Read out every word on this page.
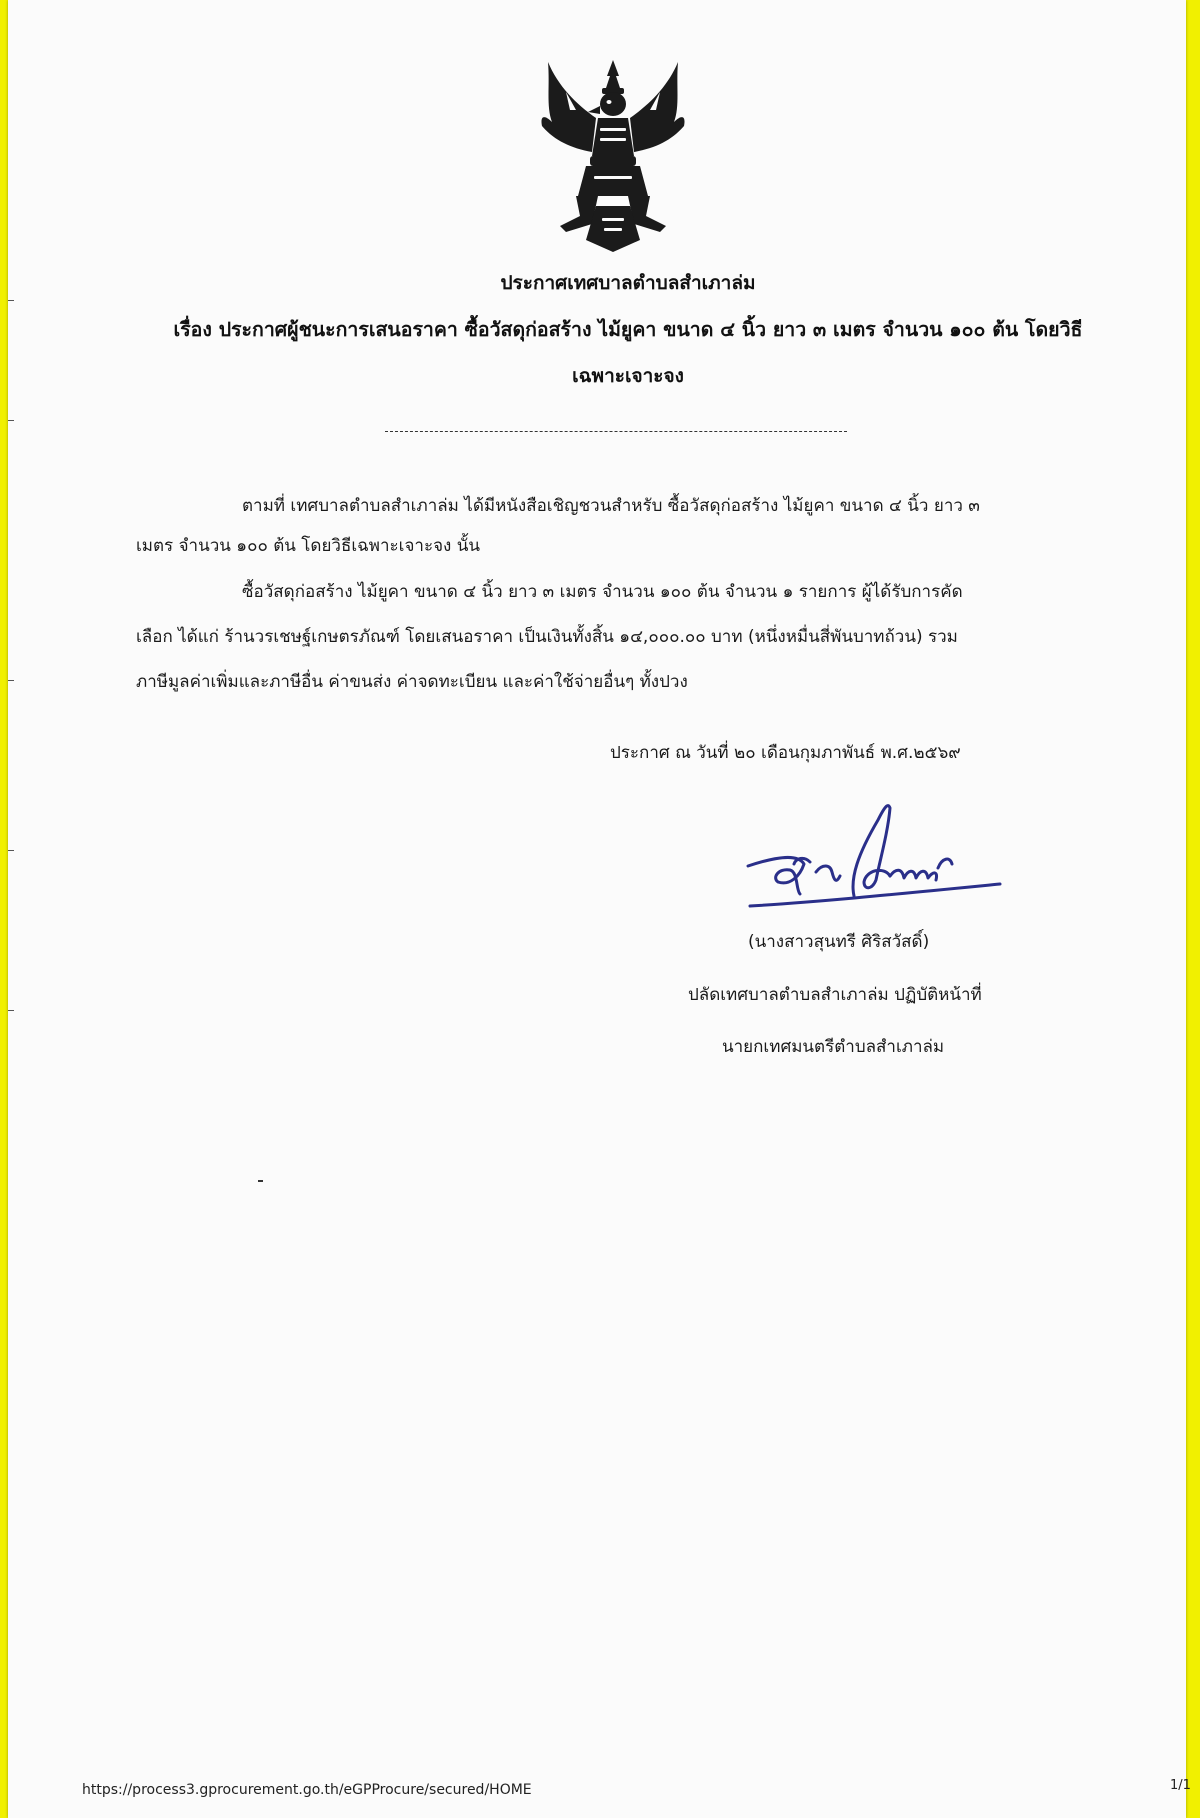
ประกาศเทศบาลตำบลสำเภาล่ม
เรื่อง ประกาศผู้ชนะการเสนอราคา ซื้อวัสดุก่อสร้าง ไม้ยูคา ขนาด ๔ นิ้ว ยาว ๓ เมตร จำนวน ๑๐๐ ต้น โดยวิธี
เฉพาะเจาะจง
ตามที่ เทศบาลตำบลสำเภาล่ม ได้มีหนังสือเชิญชวนสำหรับ ซื้อวัสดุก่อสร้าง ไม้ยูคา ขนาด ๔ นิ้ว ยาว ๓
เมตร จำนวน ๑๐๐ ต้น โดยวิธีเฉพาะเจาะจง นั้น
ซื้อวัสดุก่อสร้าง ไม้ยูคา ขนาด ๔ นิ้ว ยาว ๓ เมตร จำนวน ๑๐๐ ต้น จำนวน ๑ รายการ ผู้ได้รับการคัด
เลือก ได้แก่ ร้านวรเชษฐ์เกษตรภัณฑ์ โดยเสนอราคา เป็นเงินทั้งสิ้น ๑๔,๐๐๐.๐๐ บาท (หนึ่งหมื่นสี่พันบาทถ้วน) รวม
ภาษีมูลค่าเพิ่มและภาษีอื่น ค่าขนส่ง ค่าจดทะเบียน และค่าใช้จ่ายอื่นๆ ทั้งปวง
ประกาศ ณ วันที่ ๒๐ เดือนกุมภาพันธ์ พ.ศ.๒๕๖๙
(นางสาวสุนทรี ศิริสวัสดิ์)
ปลัดเทศบาลตำบลสำเภาล่ม ปฏิบัติหน้าที่
นายกเทศมนตรีตำบลสำเภาล่ม
https://process3.gprocurement.go.th/eGPProcure/secured/HOME	1/1
